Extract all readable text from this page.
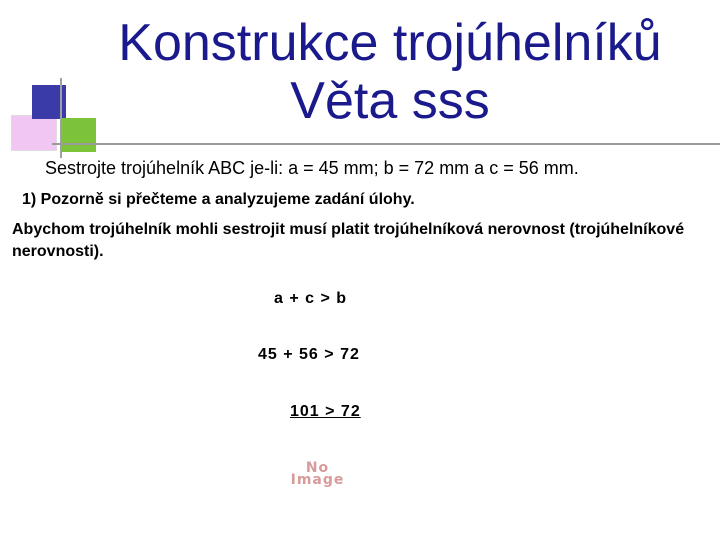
Konstrukce trojúhelníků
Věta sss
Sestrojte trojúhelník ABC je-li: a = 45 mm; b = 72 mm a c = 56 mm.
1) Pozorně si přečteme a analyzujeme zadání úlohy.
Abychom trojúhelník mohli sestrojit musí platit trojúhelníková nerovnost (trojúhelníkové nerovnosti).
a + c > b
45 + 56 > 72
101 > 72
No
Image
